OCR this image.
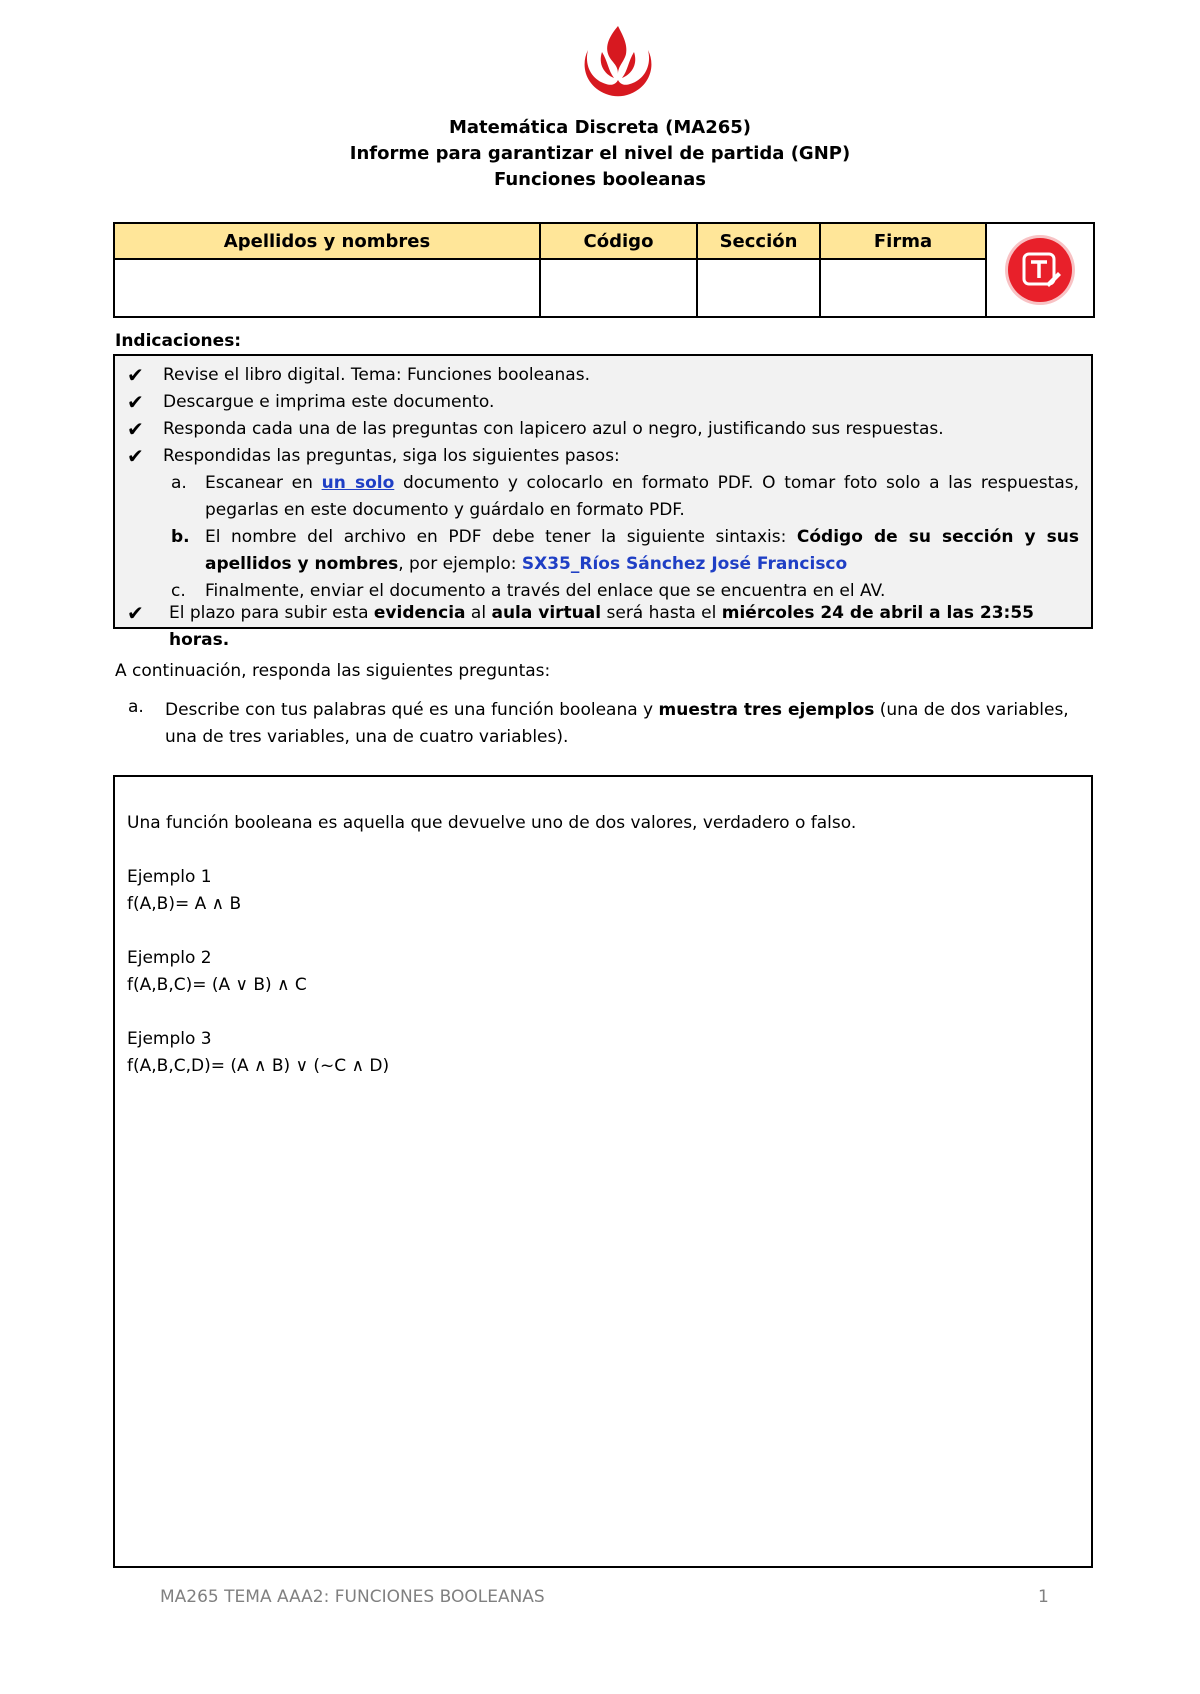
Matemática Discreta (MA265)
Informe para garantizar el nivel de partida (GNP)
Funciones booleanas
Apellidos y nombres	Código	Sección	Firma	

Indicaciones:
✔ Revise el libro digital. Tema: Funciones booleanas.
✔ Descargue e imprima este documento.
✔ Responda cada una de las preguntas con lapicero azul o negro, justificando sus respuestas.
✔ Respondidas las preguntas, siga los siguientes pasos:
a. Escanear en un solo documento y colocarlo en formato PDF. O tomar foto solo a las respuestas, pegarlas en este documento y guárdalo en formato PDF.
b. El nombre del archivo en PDF debe tener la siguiente sintaxis: Código de su sección y sus apellidos y nombres, por ejemplo: SX35_Ríos Sánchez José Francisco
c. Finalmente, enviar el documento a través del enlace que se encuentra en el AV.
✔ El plazo para subir esta evidencia al aula virtual será hasta el miércoles 24 de abril a las 23:55 horas.
A continuación, responda las siguientes preguntas:
a. Describe con tus palabras qué es una función booleana y muestra tres ejemplos (una de dos variables, una de tres variables, una de cuatro variables).
Una función booleana es aquella que devuelve uno de dos valores, verdadero o falso.
Ejemplo 1
f(A,B)= A ∧ B
Ejemplo 2
f(A,B,C)= (A ∨ B) ∧ C
Ejemplo 3
f(A,B,C,D)= (A ∧ B) ∨ (~C ∧ D)
MA265 TEMA AAA2: FUNCIONES BOOLEANAS	1
